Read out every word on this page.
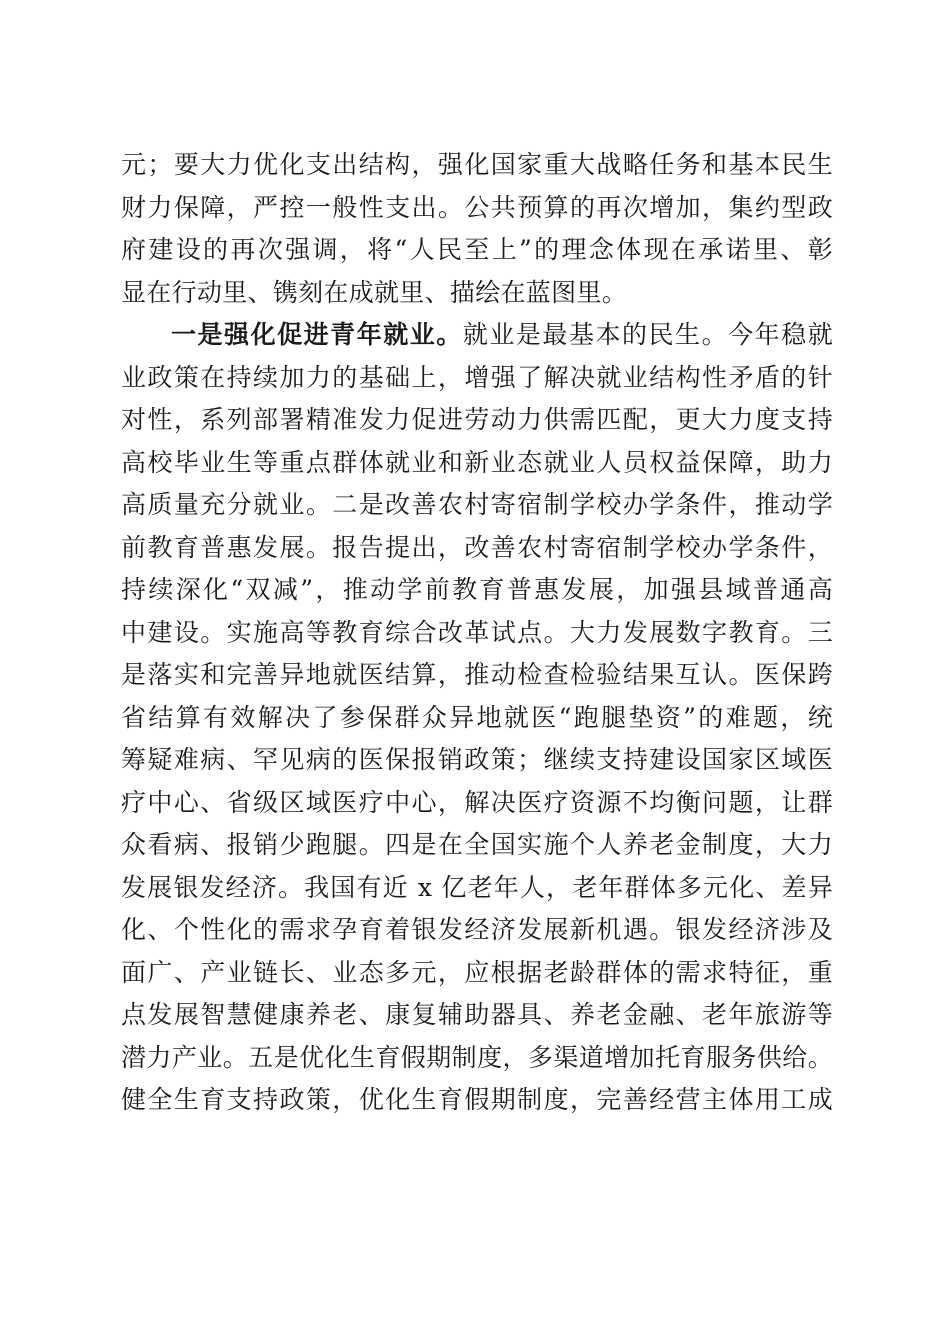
元；要大力优化支出结构，强化国家重大战略任务和基本民生
财力保障，严控一般性支出。公共预算的再次增加，集约型政
府建设的再次强调，将“人民至上”的理念体现在承诺里、彰
显在行动里、镌刻在成就里、描绘在蓝图里。
一是强化促进青年就业。就业是最基本的民生。今年稳就
业政策在持续加力的基础上，增强了解决就业结构性矛盾的针
对性，系列部署精准发力促进劳动力供需匹配，更大力度支持
高校毕业生等重点群体就业和新业态就业人员权益保障，助力
高质量充分就业。二是改善农村寄宿制学校办学条件，推动学
前教育普惠发展。报告提出，改善农村寄宿制学校办学条件，
持续深化“双减”，推动学前教育普惠发展，加强县域普通高
中建设。实施高等教育综合改革试点。大力发展数字教育。三
是落实和完善异地就医结算，推动检查检验结果互认。医保跨
省结算有效解决了参保群众异地就医“跑腿垫资”的难题，统
筹疑难病、罕见病的医保报销政策；继续支持建设国家区域医
疗中心、省级区域医疗中心，解决医疗资源不均衡问题，让群
众看病、报销少跑腿。四是在全国实施个人养老金制度，大力
发展银发经济。我国有近 x 亿老年人，老年群体多元化、差异
化、个性化的需求孕育着银发经济发展新机遇。银发经济涉及
面广、产业链长、业态多元，应根据老龄群体的需求特征，重
点发展智慧健康养老、康复辅助器具、养老金融、老年旅游等
潜力产业。五是优化生育假期制度，多渠道增加托育服务供给。
健全生育支持政策，优化生育假期制度，完善经营主体用工成
